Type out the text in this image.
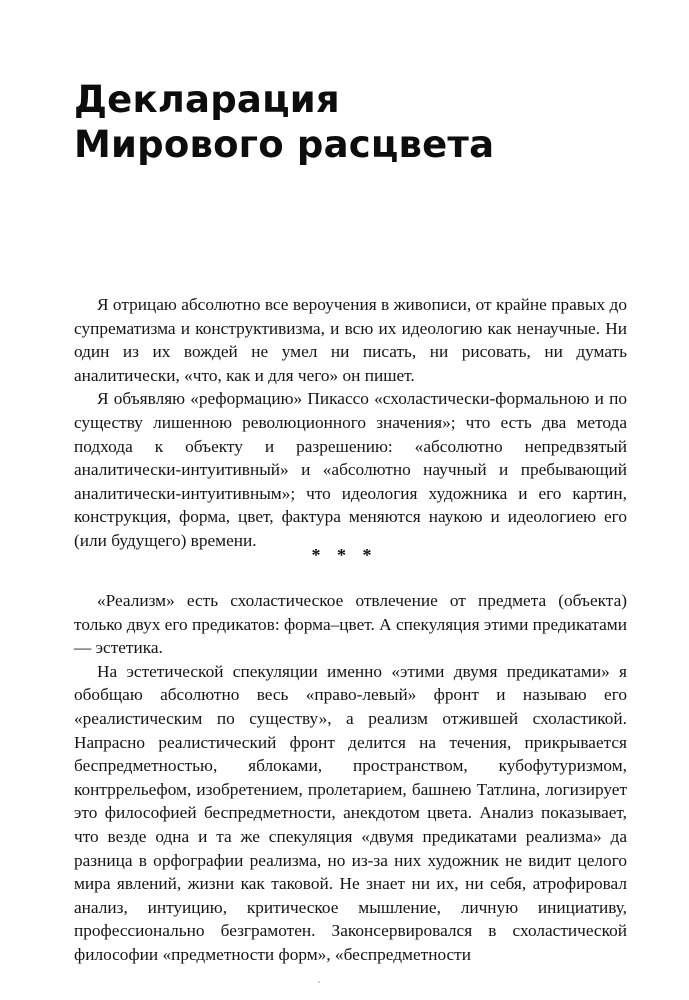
Декларация
Мирового расцвета

Я отрицаю абсолютно все вероучения в живописи, от крайне правых до супрематизма и конструктивизма, и всю их идеологию как ненаучные. Ни один из их вождей не умел ни писать, ни рисовать, ни думать аналитически, «что, как и для чего» он пишет.

Я объявляю «реформацию» Пикассо «схоластически-формальною и по существу лишенною революционного значения»; что есть два метода подхода к объекту и разрешению: «абсолютно непредвзятый аналитически-интуитивный» и «абсолютно научный и пребывающий аналитически-интуитивным»; что идеология художника и его картин, конструкция, форма, цвет, фактура меняются наукою и идеологиею его (или будущего) времени.

* * *

«Реализм» есть схоластическое отвлечение от предмета (объекта) только двух его предикатов: форма–цвет. А спекуляция этими предикатами — эстетика.

На эстетической спекуляции именно «этими двумя предикатами» я обобщаю абсолютно весь «право-левый» фронт и называю его «реалистическим по существу», а реализм отжившей схоластикой. Напрасно реалистический фронт делится на течения, прикрывается беспредметностью, яблоками, пространством, кубофутуризмом, контррельефом, изобретением, пролетарием, башнею Татлина, логизирует это философией беспредметности, анекдотом цвета. Анализ показывает, что везде одна и та же спекуляция «двумя предикатами реализма» да разница в орфографии реализма, но из-за них художник не видит целого мира явлений, жизни как таковой. Не знает ни их, ни себя, атрофировал анализ, интуицию, критическое мышление, личную инициативу, профессионально безграмотен. Законсервировался в схоластической философии «предметности форм», «беспредметности
